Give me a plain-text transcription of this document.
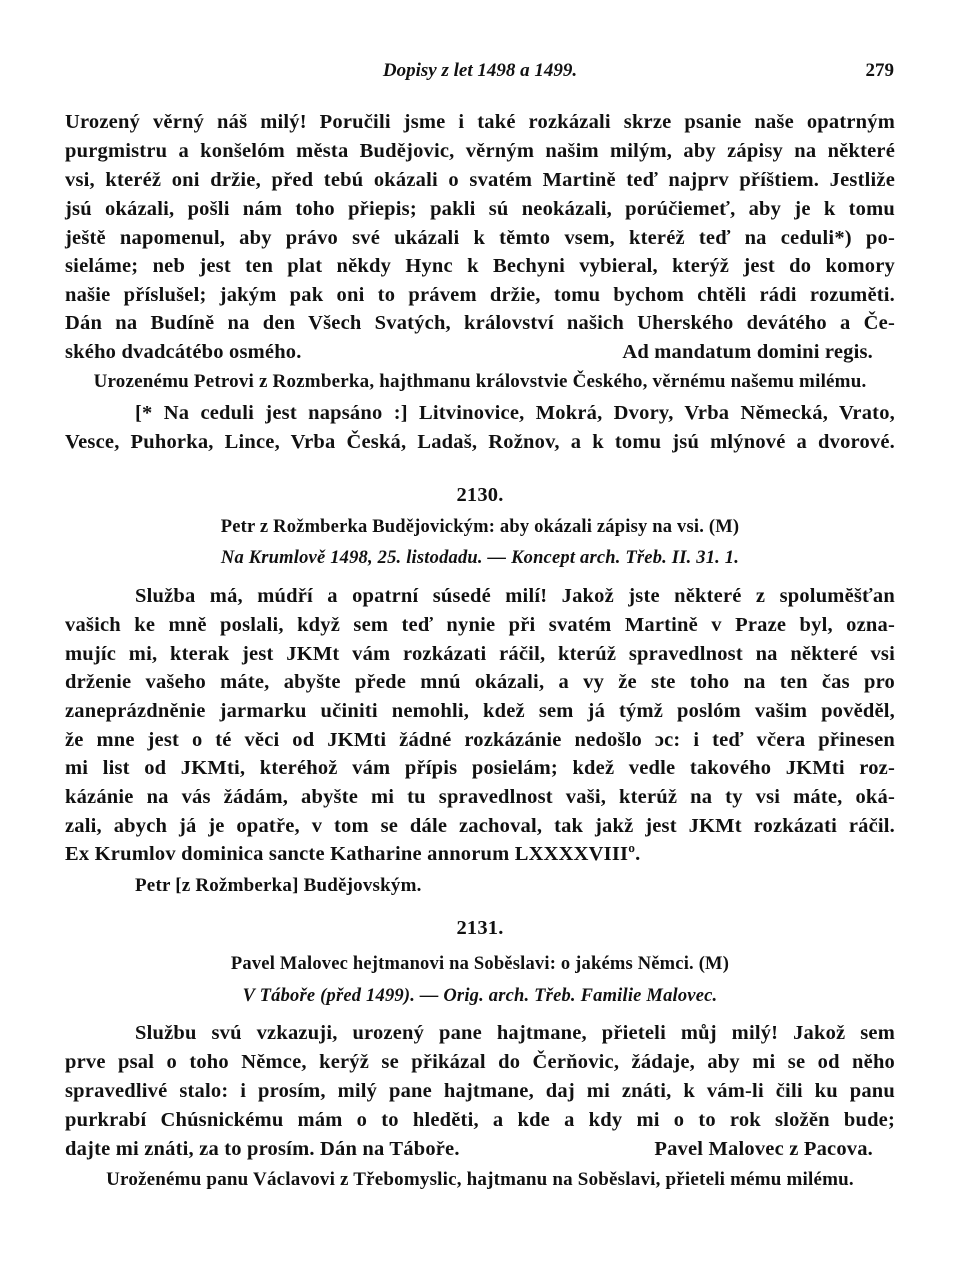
Dopisy z let 1498 a 1499.	279
Urozený věrný náš milý! Poručili jsme i také rozkázali skrze psanie naše opatrným
purgmistru a konšelóm města Budějovic, věrným našim milým, aby zápisy na některé
vsi, kteréž oni držie, před tebú okázali o svatém Martině teď najprv příštiem. Jestliže
jsú okázali, pošli nám toho přiepis; pakli sú neokázali, porúčiemeť, aby je k tomu
ještě napomenul, aby právo své ukázali k těmto vsem, kteréž teď na ceduli*) po-
sieláme; neb jest ten plat někdy Hync k Bechyni vybieral, kterýž jest do komory
našie příslušel; jakým pak oni to právem držie, tomu bychom chtěli rádi rozuměti.
Dán na Budíně na den Všech Svatých, království našich Uherského devátého a Če-
ského dvadcátébo osmého.	Ad mandatum domini regis.
Urozenému Petrovi z Rozmberka, hajthmanu královstvie Českého, věrnému našemu milému.
[* Na ceduli jest napsáno :] Litvinovice, Mokrá, Dvory, Vrba Německá, Vrato,
Vesce, Puhorka, Lince, Vrba Česká, Ladaš, Rožnov, a k tomu jsú mlýnové a dvorové.
2130.
Petr z Rožmberka Budějovickým: aby okázali zápisy na vsi. (M)
Na Krumlově 1498, 25. listodadu. — Koncept arch. Třeb. II. 31. 1.
Služba má, múdří a opatrní súsedé milí! Jakož jste některé z spolumĕšťan
vašich ke mně poslali, když sem teď nynie při svatém Martině v Praze byl, ozna-
mujíc mi, kterak jest JKMt vám rozkázati ráčil, kterúž spravedlnost na některé vsi
drženie vašeho máte, abyšte přede mnú okázali, a vy že ste toho na ten čas pro
zaneprázdněnie jarmarku učiniti nemohli, kdež sem já týmž poslóm vašim pověděl,
že mne jest o té věci od JKMti žádné rozkázánie nedošlo ɔc: i teď včera přinesen
mi list od JKMti, kteréhož vám přípis posielám; kdež vedle takového JKMti roz-
kázánie na vás žádám, abyšte mi tu spravedlnost vaši, kterúž na ty vsi máte, oká-
zali, abych já je opatře, v tom se dále zachoval, tak jakž jest JKMt rozkázati ráčil.
Ex Krumlov dominica sancte Katharine annorum LXXXXVIIIº.
Petr [z Rožmberka] Budějovským.
2131.
Pavel Malovec hejtmanovi na Soběslavi: o jakéms Němci. (M)
V Táboře (před 1499). — Orig. arch. Třeb. Familie Malovec.
Službu svú vzkazuji, urozený pane hajtmane, přieteli můj milý! Jakož sem
prve psal o toho Němce, kerýž se přikázal do Čerňovic, žádaje, aby mi se od něho
spravedlivé stalo: i prosím, milý pane hajtmane, daj mi znáti, k vám-li čili ku panu
purkrabí Chúsnickému mám o to hleděti, a kde a kdy mi o to rok složěn bude;
dajte mi znáti, za to prosím. Dán na Táboře.	Pavel Malovec z Pacova.
Uroženému panu Václavovi z Třebomyslic, hajtmanu na Soběslavi, přieteli mému milému.
